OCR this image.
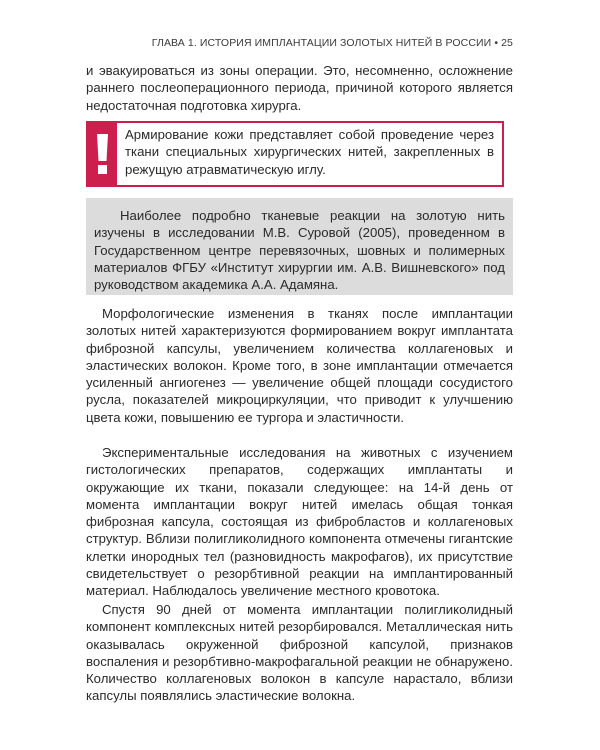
ГЛАВА 1. ИСТОРИЯ ИМПЛАНТАЦИИ ЗОЛОТЫХ НИТЕЙ В РОССИИ • 25

и эвакуироваться из зоны операции. Это, несомненно, осложнение раннего послеоперационного периода, причиной которого является недостаточная подготовка хирурга.

Армирование кожи представляет собой проведение через ткани специальных хирургических нитей, закрепленных в режущую атравматическую иглу.
Наиболее подробно тканевые реакции на золотую нить изучены в исследовании М.В. Суровой (2005), проведенном в Государственном центре перевязочных, шовных и полимерных материалов ФГБУ «Институт хирургии им. А.В. Вишневского» под руководством академика А.А. Адамяна.

Морфологические изменения в тканях после имплантации золотых нитей характеризуются формированием вокруг имплантата фиброзной капсулы, увеличением количества коллагеновых и эластических волокон. Кроме того, в зоне имплантации отмечается усиленный ангиогенез — увеличение общей площади сосудистого русла, показателей микроциркуляции, что приводит к улучшению цвета кожи, повышению ее тургора и эластичности.

Экспериментальные исследования на животных с изучением гистологических препаратов, содержащих имплантаты и окружающие их ткани, показали следующее: на 14-й день от момента имплантации вокруг нитей имелась общая тонкая фиброзная капсула, состоящая из фибробластов и коллагеновых структур. Вблизи полигликолидного компонента отмечены гигантские клетки инородных тел (разновидность макрофагов), их присутствие свидетельствует о резорбтивной реакции на имплантированный материал. Наблюдалось увеличение местного кровотока.

Спустя 90 дней от момента имплантации полигликолидный компонент комплексных нитей резорбировался. Металлическая нить оказывалась окруженной фиброзной капсулой, признаков воспаления и резорбтивно-макрофагальной реакции не обнаружено. Количество коллагеновых волокон в капсуле нарастало, вблизи капсулы появлялись эластические волокна.
